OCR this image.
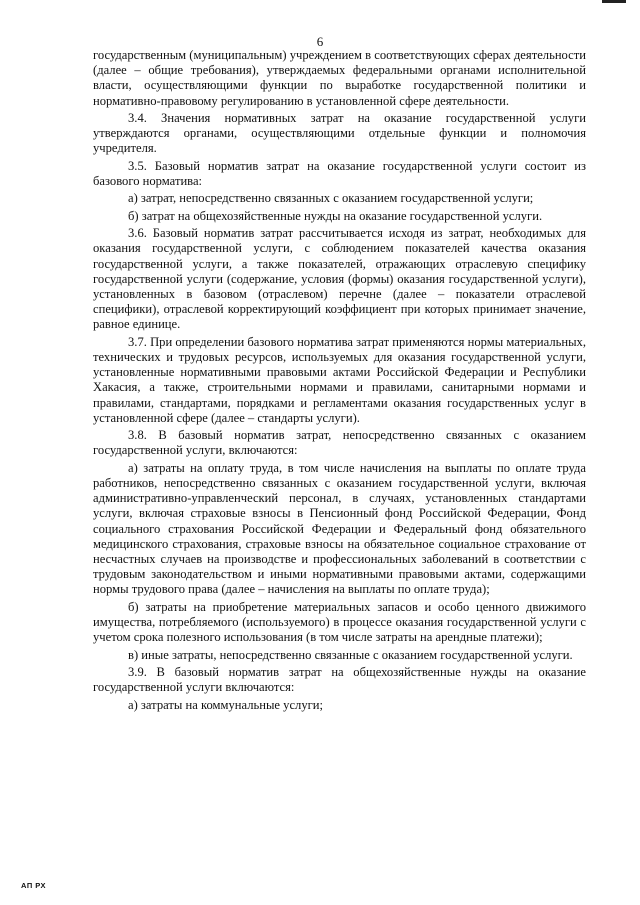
6

государственным (муниципальным) учреждением в соответствующих сферах деятельности (далее – общие требования), утверждаемых федеральными органами исполнительной власти, осуществляющими функции по выработке государственной политики и нормативно-правовому регулированию в установленной сфере деятельности.

3.4. Значения нормативных затрат на оказание государственной услуги утверждаются органами, осуществляющими отдельные функции и полномочия учредителя.

3.5. Базовый норматив затрат на оказание государственной услуги состоит из базового норматива:

а) затрат, непосредственно связанных с оказанием государственной услуги;

б) затрат на общехозяйственные нужды на оказание государственной услуги.

3.6. Базовый норматив затрат рассчитывается исходя из затрат, необходимых для оказания государственной услуги, с соблюдением показателей качества оказания государственной услуги, а также показателей, отражающих отраслевую специфику государственной услуги (содержание, условия (формы) оказания государственной услуги), установленных в базовом (отраслевом) перечне (далее – показатели отраслевой специфики), отраслевой корректирующий коэффициент при которых принимает значение, равное единице.

3.7. При определении базового норматива затрат применяются нормы материальных, технических и трудовых ресурсов, используемых для оказания государственной услуги, установленные нормативными правовыми актами Российской Федерации и Республики Хакасия, а также, строительными нормами и правилами, санитарными нормами и правилами, стандартами, порядками и регламентами оказания государственных услуг в установленной сфере (далее – стандарты услуги).

3.8. В базовый норматив затрат, непосредственно связанных с оказанием государственной услуги, включаются:

а) затраты на оплату труда, в том числе начисления на выплаты по оплате труда работников, непосредственно связанных с оказанием государственной услуги, включая административно-управленческий персонал, в случаях, установленных стандартами услуги, включая страховые взносы в Пенсионный фонд Российской Федерации, Фонд социального страхования Российской Федерации и Федеральный фонд обязательного медицинского страхования, страховые взносы на обязательное социальное страхование от несчастных случаев на производстве и профессиональных заболеваний в соответствии с трудовым законодательством и иными нормативными правовыми актами, содержащими нормы трудового права (далее – начисления на выплаты по оплате труда);

б) затраты на приобретение материальных запасов и особо ценного движимого имущества, потребляемого (используемого) в процессе оказания государственной услуги с учетом срока полезного использования (в том числе затраты на арендные платежи);

в) иные затраты, непосредственно связанные с оказанием государственной услуги.

3.9. В базовый норматив затрат на общехозяйственные нужды на оказание государственной услуги включаются:

а) затраты на коммунальные услуги;

АП РХ
